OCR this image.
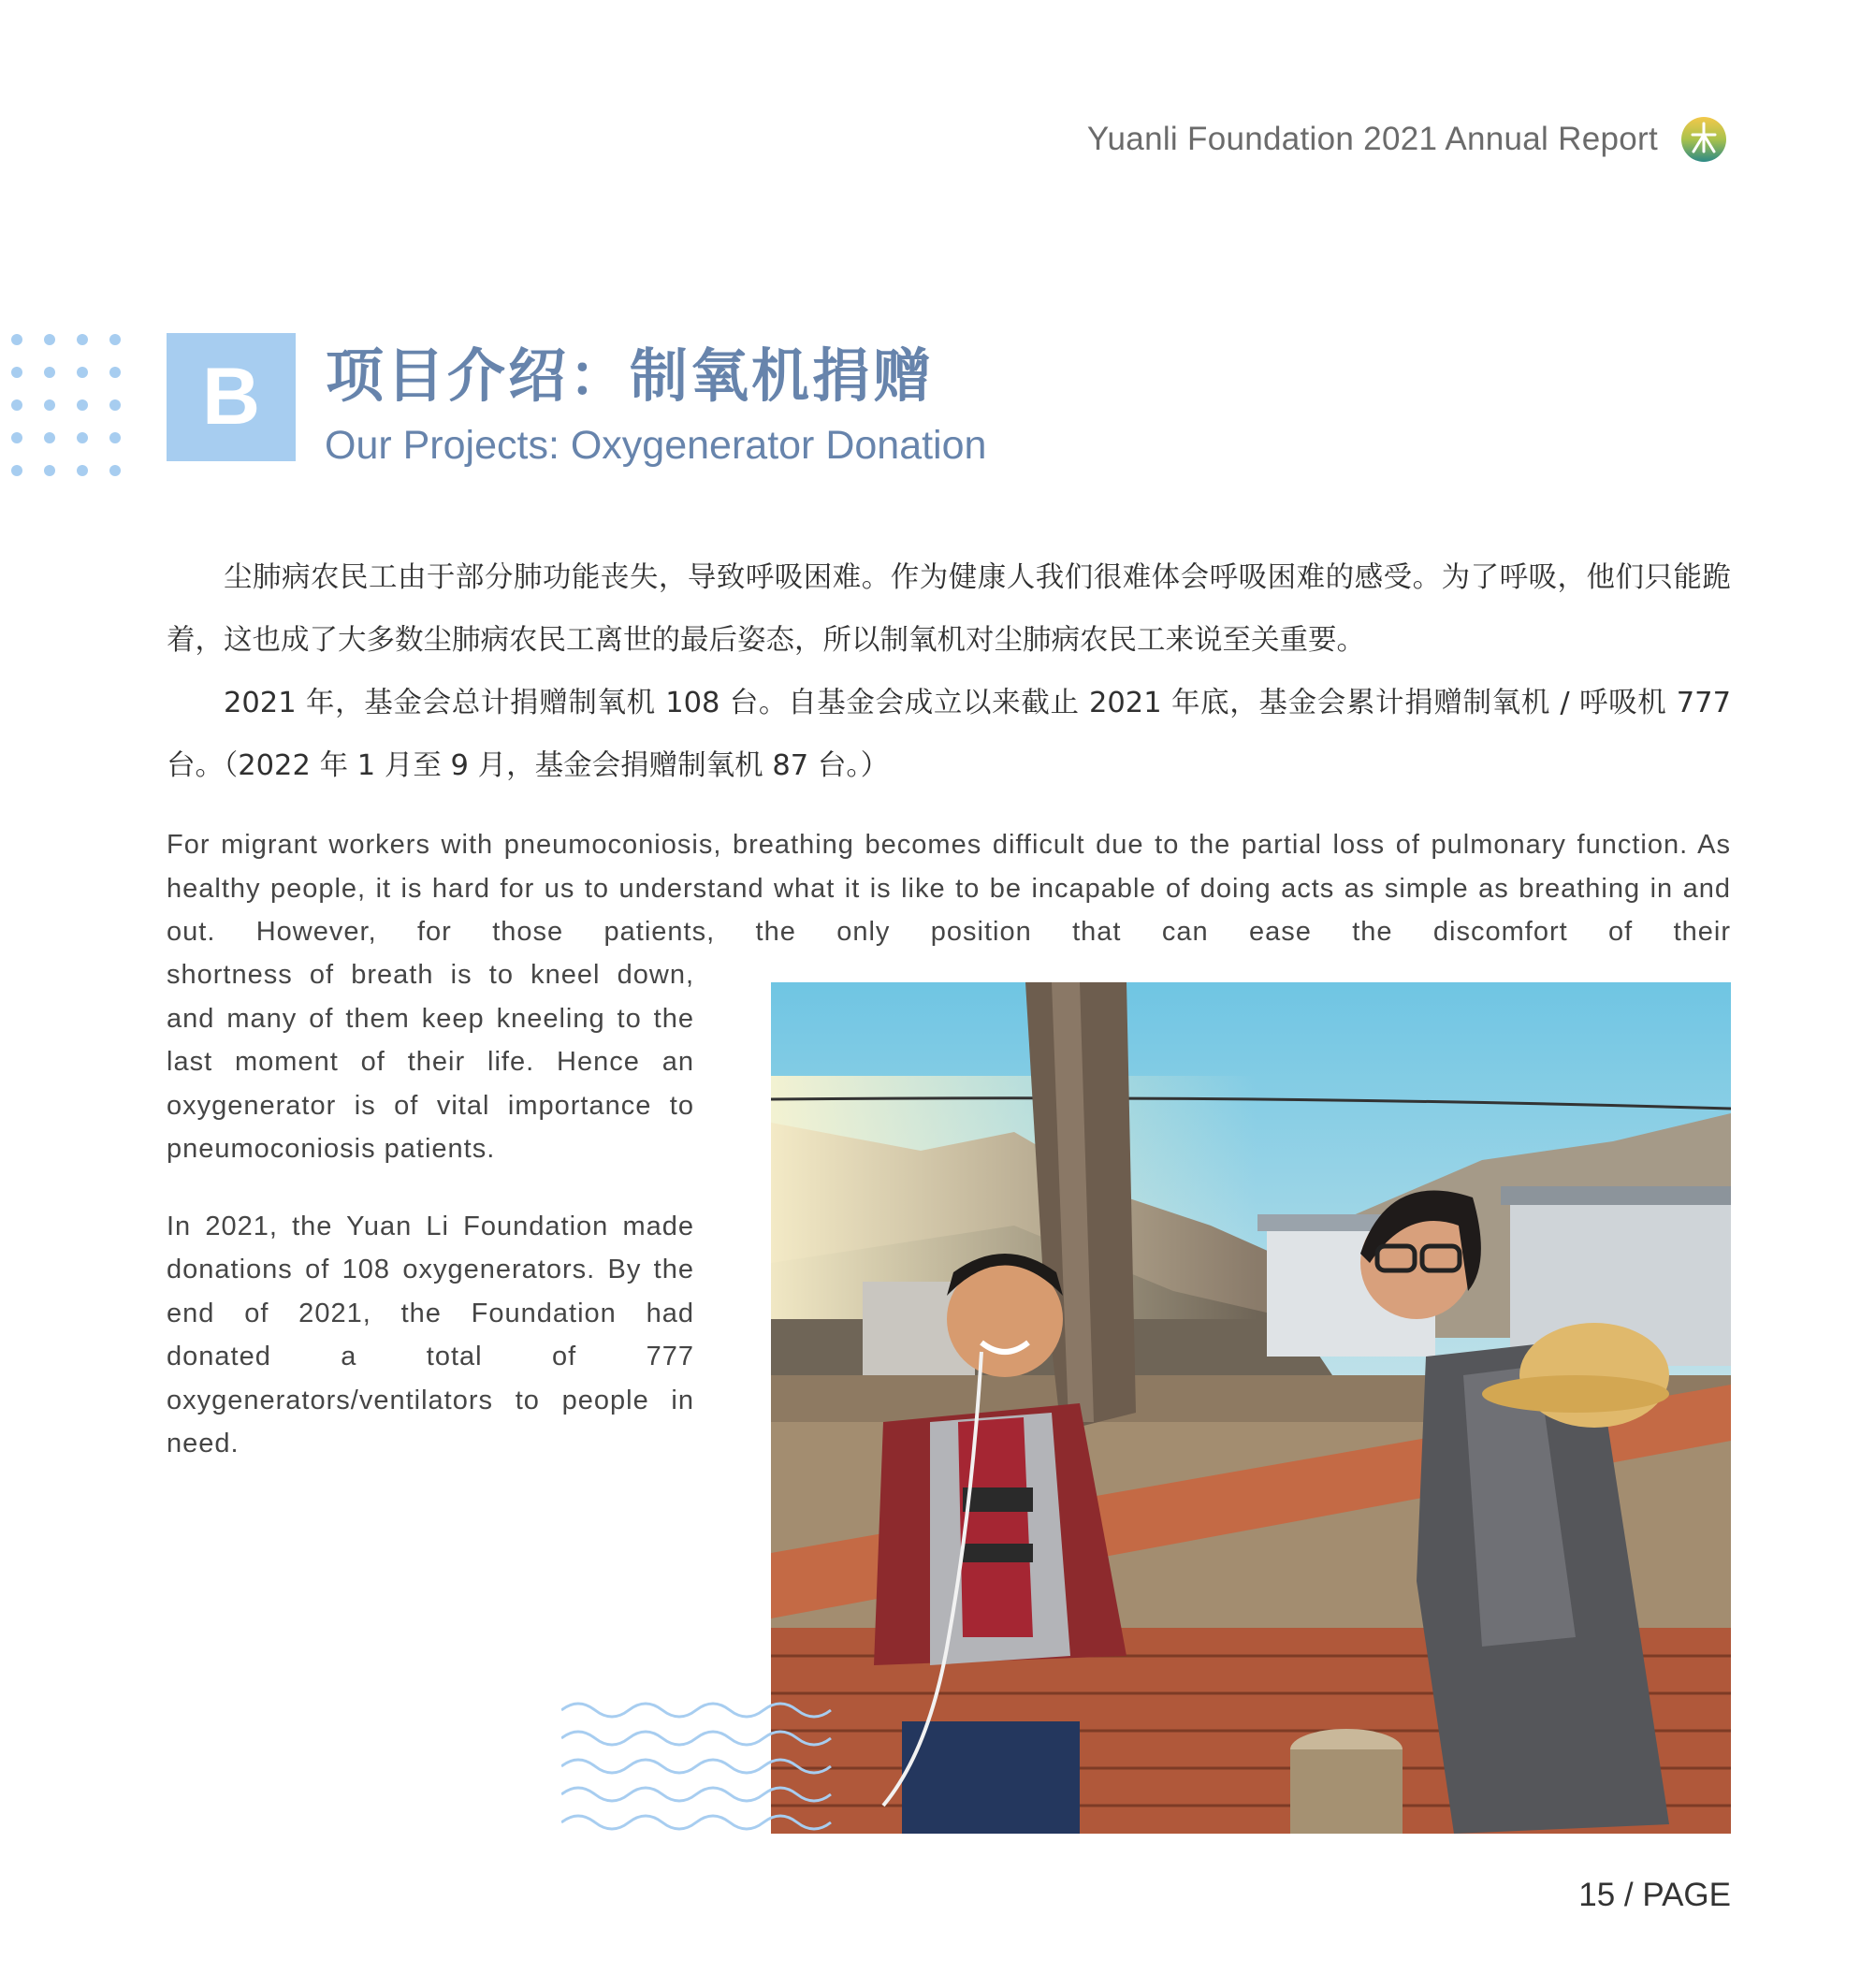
Yuanli Foundation 2021 Annual Report
B	项目介绍：制氧机捐赠
Our Projects: Oxygenerator Donation

尘肺病农民工由于部分肺功能丧失，导致呼吸困难。作为健康人我们很难体会呼吸困难的感受。为了呼吸，他们只能跪着，这也成了大多数尘肺病农民工离世的最后姿态，所以制氧机对尘肺病农民工来说至关重要。

2021 年，基金会总计捐赠制氧机 108 台。自基金会成立以来截止 2021 年底，基金会累计捐赠制氧机 / 呼吸机 777 台。（2022 年 1 月至 9 月，基金会捐赠制氧机 87 台。）

For migrant workers with pneumoconiosis, breathing becomes difficult due to the partial loss of pulmonary function. As healthy people, it is hard for us to understand what it is like to be incapable of doing acts as simple as breathing in and out. However, for those patients, the only position that can ease the discomfort of their

shortness of breath is to kneel down, and many of them keep kneeling to the last moment of their life. Hence an oxygenerator is of vital importance to pneumoconiosis patients.

In 2021, the Yuan Li Foundation made donations of 108 oxygenerators. By the end of 2021, the Foundation had donated a total of 777 oxygenerators/ventilators to people in need.

15 / PAGE
